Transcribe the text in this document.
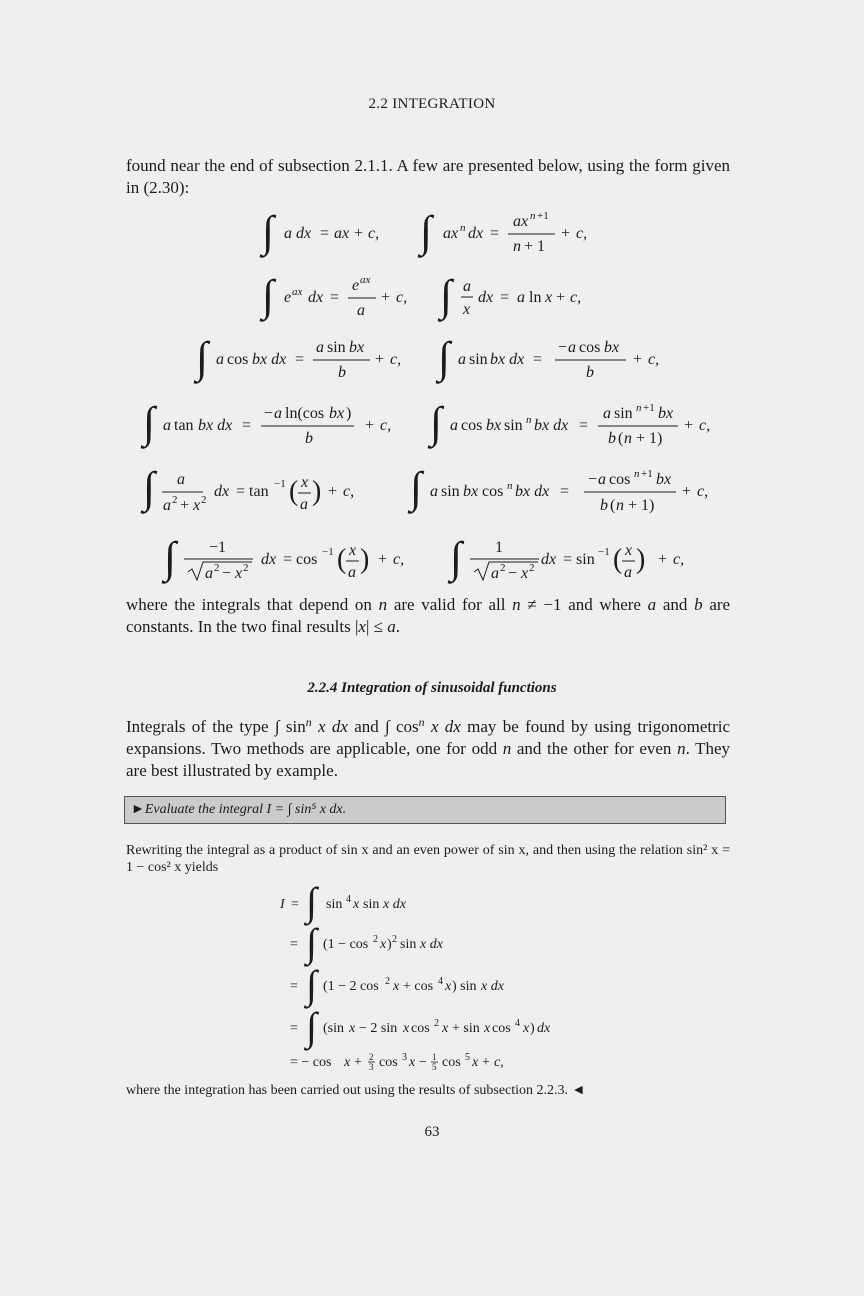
2.2 INTEGRATION
found near the end of subsection 2.1.1. A few are presented below, using the form given in (2.30):
∫ a dx = ax + c, ∫ ax n dx =
ax n +1
n + 1
+ c,
∫ e ax dx =
e ax
a
+ c, ∫ a
x
dx = a ln x + c,
∫ a cos bx dx =
a sin bx
b
+ c, ∫ a sin bx dx =
− a cos bx
b
+ c,
∫ a tan bx dx =
− a ln(cos bx )
b
+ c, ∫ a cos bx sin n bx dx =
a sin n +1 bx
b ( n + 1)
+ c,
∫ a
a 2 + x 2 dx = tan −1 ( x
a ) + c, ∫ a sin bx cos n bx dx =
− a cos n +1 bx
b ( n + 1)
+ c,
∫ −1
a 2 − x 2 dx = cos −1 ( x
a ) + c, ∫ 1
a 2 − x 2 dx = sin −1 ( x
a ) + c,
I = ∫ sin 4 x sin x dx
= ∫ (1 − cos 2 x ) 2 sin x dx
= ∫ (1 − 2 cos 2 x + cos 4 x ) sin x dx
= ∫ (sin x − 2 sin x cos 2 x + sin x cos 4 x ) dx
= − cos x + 2
3 cos 3 x − 1
5 cos 5 x + c,
where the integrals that depend on n are valid for all n ≠ −1 and where a and b are constants. In the two final results |x| ≤ a.
2.2.4 Integration of sinusoidal functions
Integrals of the type ∫ $\sin^n x$ dx and ∫ $\cos^n x$ dx may be found by using trigonometric expansions. Two methods are applicable, one for odd n and the other for even n. They are best illustrated by example.
►Evaluate the integral I = ∫ sin⁵ x dx.
Rewriting the integral as a product of sin x and an even power of sin x, and then using the relation sin² x = 1 − cos² x yields
where the integration has been carried out using the results of subsection 2.2.3. ◄
63
